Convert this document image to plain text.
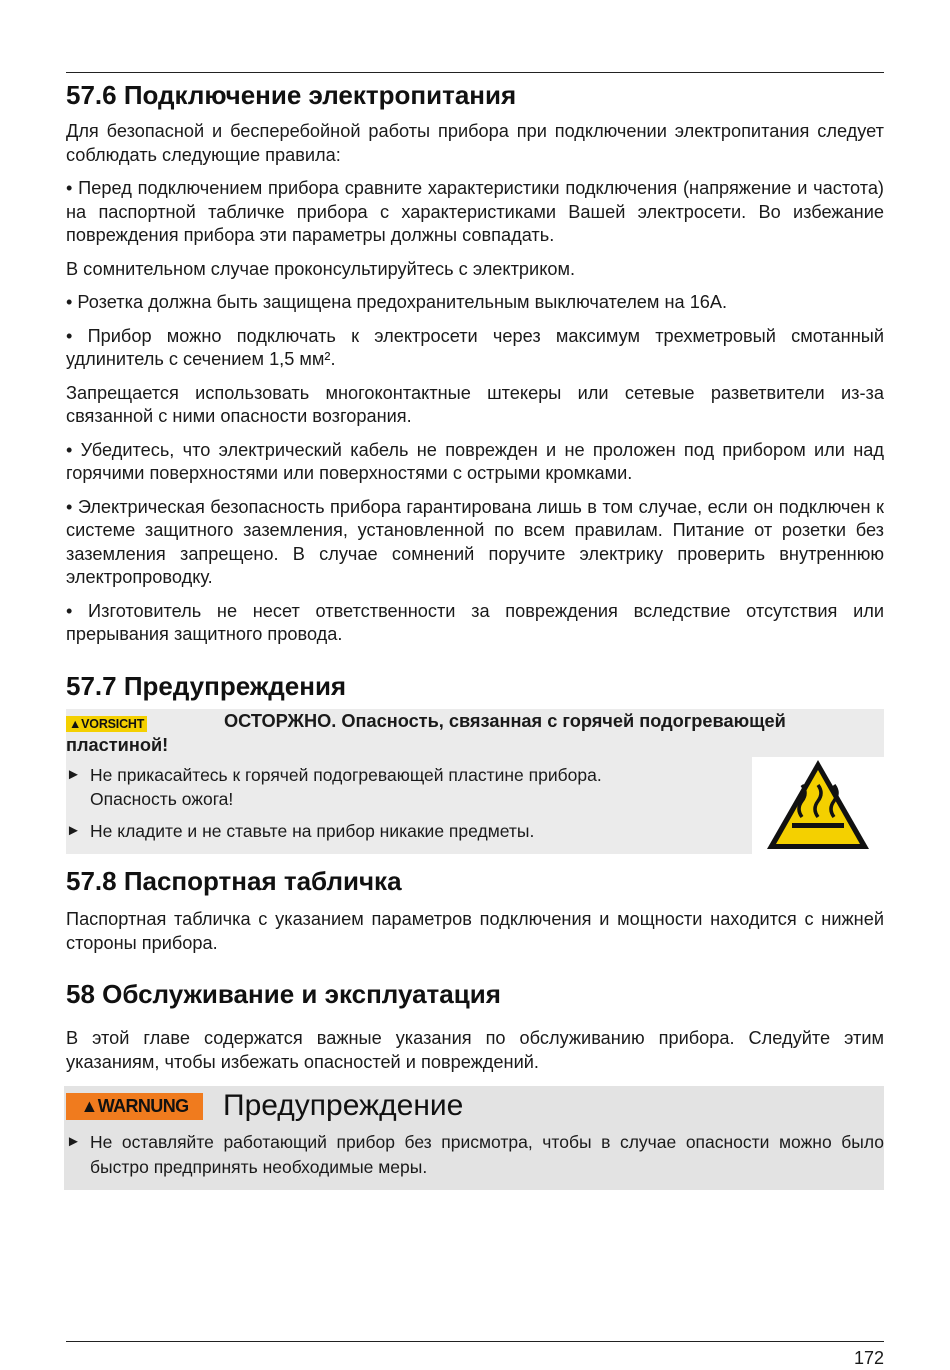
57.6 Подключение электропитания

Для безопасной и бесперебойной работы прибора при подключении электропитания следует соблюдать следующие правила:

• Перед подключением прибора сравните характеристики подключения (напряжение и частота) на паспортной табличке прибора с характеристиками Вашей электросети. Во избежание повреждения прибора эти параметры должны совпадать.

В сомнительном случае проконсультируйтесь с электриком.

• Розетка должна быть защищена предохранительным выключателем на 16А.

• Прибор можно подключать к электросети через максимум трехметровый смотанный удлинитель с сечением 1,5 мм².

Запрещается использовать многоконтактные штекеры или сетевые разветвители из-за связанной с ними опасности возгорания.

• Убедитесь, что электрический кабель не поврежден и не проложен под прибором или над горячими поверхностями или поверхностями с острыми кромками.

• Электрическая безопасность прибора гарантирована лишь в том случае, если он подключен к системе защитного заземления, установленной по всем правилам. Питание от розетки без заземления запрещено. В случае сомнений поручите электрику проверить внутреннюю электропроводку.

• Изготовитель не несет ответственности за повреждения вследствие отсутствия или прерывания защитного провода.

57.7 Предупреждения
▲VORSICHT	ОСТОРЖНО. Опасность, связанная с горячей подогревающей
пластиной!
► Не прикасайтесь к горячей подогревающей пластине прибора.
Опасность ожога!
► Не кладите и не ставьте на прибор никакие предметы.
57.8 Паспортная табличка

Паспортная табличка с указанием параметров подключения и мощности находится с нижней стороны прибора.

58 Обслуживание и эксплуатация

В этой главе содержатся важные указания по обслуживанию прибора. Следуйте этим указаниям, чтобы избежать опасностей и повреждений.

▲WARNUNG	Предупреждение
► Не оставляйте работающий прибор без присмотра, чтобы в случае опасности можно было быстро предпринять необходимые меры.
172
